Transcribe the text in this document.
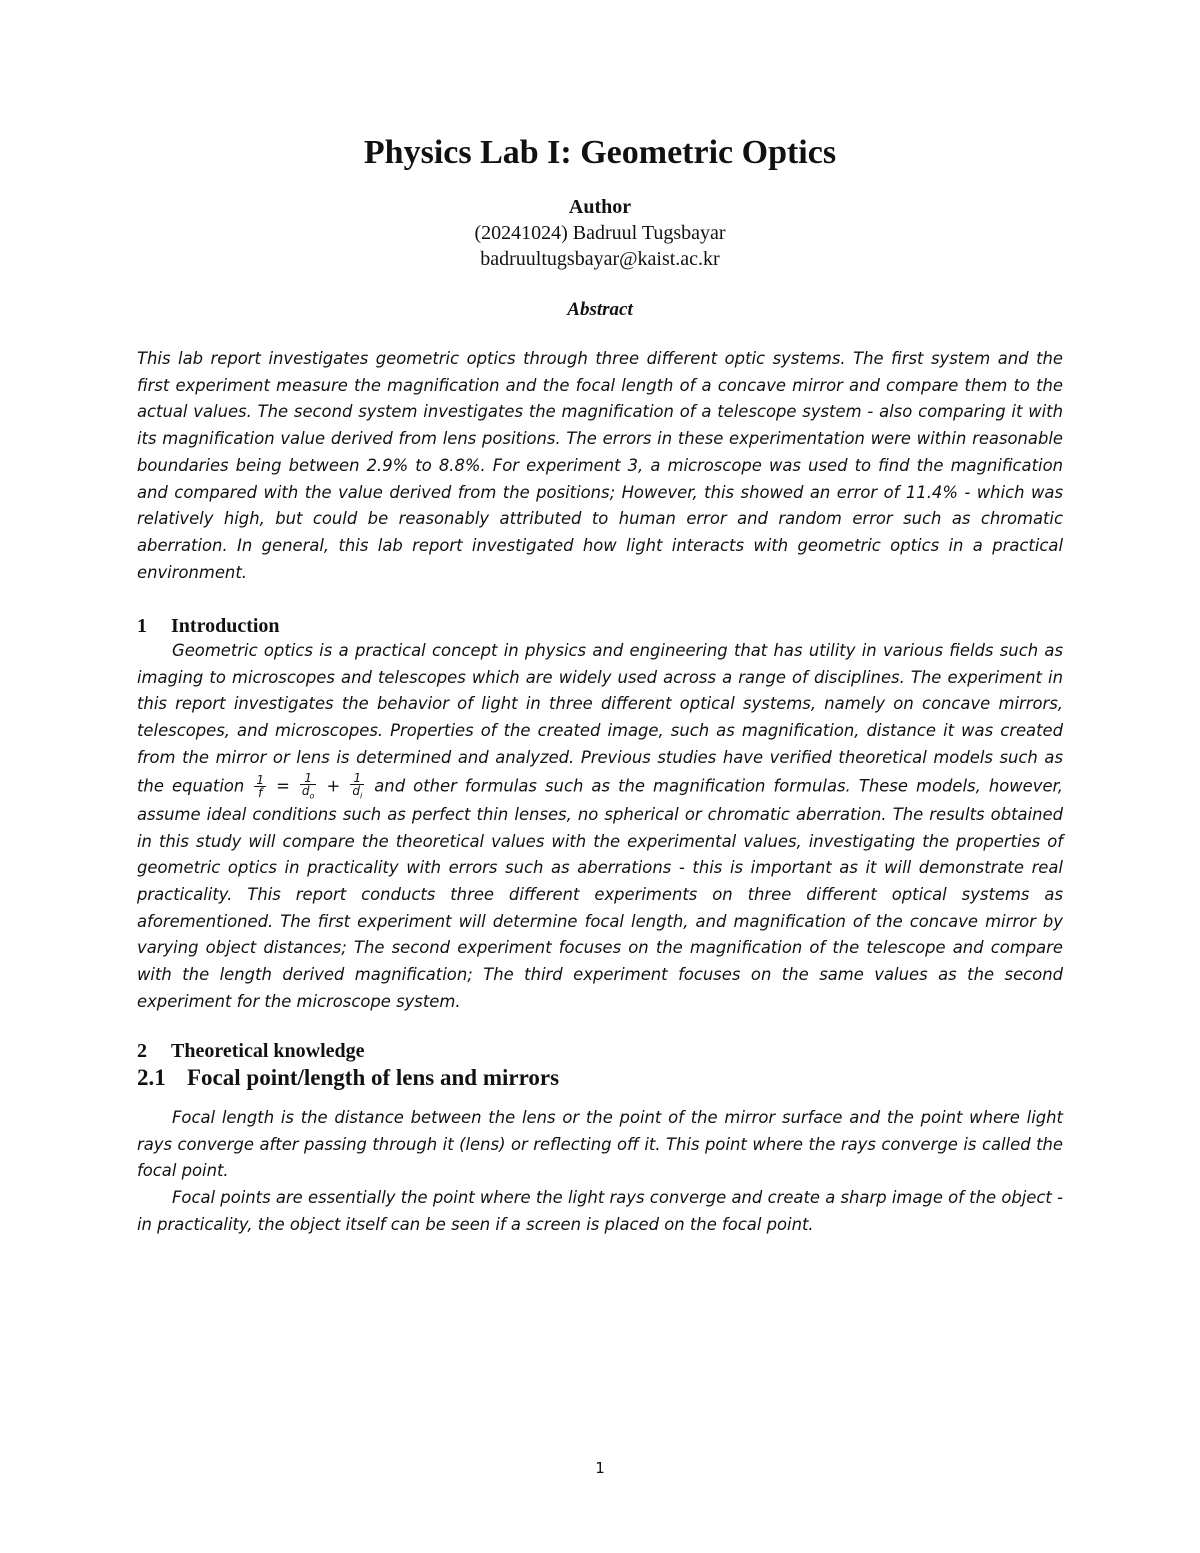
Physics Lab I: Geometric Optics
Author
(20241024) Badruul Tugsbayar
badruultugsbayar@kaist.ac.kr
Abstract

This lab report investigates geometric optics through three different optic systems. The first system and the first experiment measure the magnification and the focal length of a concave mirror and compare them to the actual values. The second system investigates the magnification of a telescope system - also comparing it with its magnification value derived from lens positions. The errors in these experimentation were within reasonable boundaries being between 2.9% to 8.8%. For experiment 3, a microscope was used to find the magnification and compared with the value derived from the positions; However, this showed an error of 11.4% - which was relatively high, but could be reasonably attributed to human error and random error such as chromatic aberration. In general, this lab report investigated how light interacts with geometric optics in a practical environment.

1 Introduction

Geometric optics is a practical concept in physics and engineering that has utility in various fields such as imaging to microscopes and telescopes which are widely used across a range of disciplines. The experiment in this report investigates the behavior of light in three different optical systems, namely on concave mirrors, telescopes, and microscopes. Properties of the created image, such as magnification, distance it was created from the mirror or lens is determined and analyzed. Previous studies have verified theoretical models such as the equation $\frac{1}{f} = \frac{1}{d_o} + \frac{1}{d_i}$ and other formulas such as the magnification formulas. These models, however, assume ideal conditions such as perfect thin lenses, no spherical or chromatic aberration. The results obtained in this study will compare the theoretical values with the experimental values, investigating the properties of geometric optics in practicality with errors such as aberrations - this is important as it will demonstrate real practicality. This report conducts three different experiments on three different optical systems as aforementioned. The first experiment will determine focal length, and magnification of the concave mirror by varying object distances; The second experiment focuses on the magnification of the telescope and compare with the length derived magnification; The third experiment focuses on the same values as the second experiment for the microscope system.

2 Theoretical knowledge
2.1 Focal point/length of lens and mirrors

Focal length is the distance between the lens or the point of the mirror surface and the point where light rays converge after passing through it (lens) or reflecting off it. This point where the rays converge is called the focal point.

Focal points are essentially the point where the light rays converge and create a sharp image of the object - in practicality, the object itself can be seen if a screen is placed on the focal point.

1
